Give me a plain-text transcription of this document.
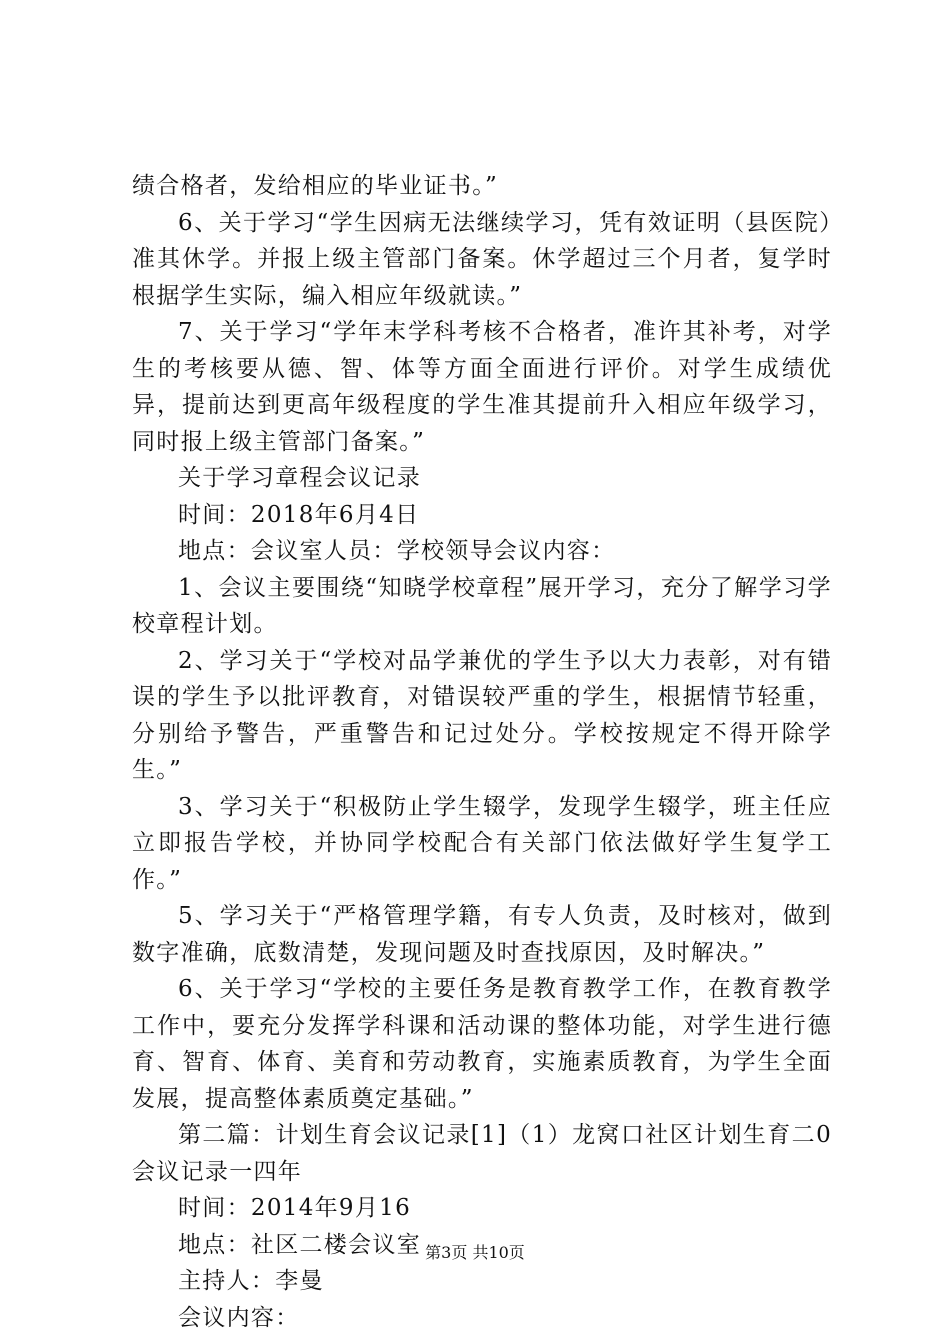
绩合格者，发给相应的毕业证书。”

6、关于学习“学生因病无法继续学习，凭有效证明（县医院）准其休学。并报上级主管部门备案。休学超过三个月者，复学时根据学生实际，编入相应年级就读。”

7、关于学习“学年末学科考核不合格者，准许其补考，对学生的考核要从德、智、体等方面全面进行评价。对学生成绩优异，提前达到更高年级程度的学生准其提前升入相应年级学习，同时报上级主管部门备案。”

关于学习章程会议记录

时间：2018年6月4日

地点：会议室人员：学校领导会议内容：

1、会议主要围绕“知晓学校章程”展开学习，充分了解学习学校章程计划。

2、学习关于“学校对品学兼优的学生予以大力表彰，对有错误的学生予以批评教育，对错误较严重的学生，根据情节轻重，分别给予警告，严重警告和记过处分。学校按规定不得开除学生。”

3、学习关于“积极防止学生辍学，发现学生辍学，班主任应立即报告学校，并协同学校配合有关部门依法做好学生复学工作。”

5、学习关于“严格管理学籍，有专人负责，及时核对，做到数字准确，底数清楚，发现问题及时查找原因，及时解决。”

6、关于学习“学校的主要任务是教育教学工作，在教育教学工作中，要充分发挥学科课和活动课的整体功能，对学生进行德育、智育、体育、美育和劳动教育，实施素质教育，为学生全面发展，提高整体素质奠定基础。”

第二篇：计划生育会议记录[1]（1）龙窝口社区计划生育二0会议记录一四年

时间：2014年9月16

地点：社区二楼会议室

主持人：李曼

会议内容：

第3页 共10页
